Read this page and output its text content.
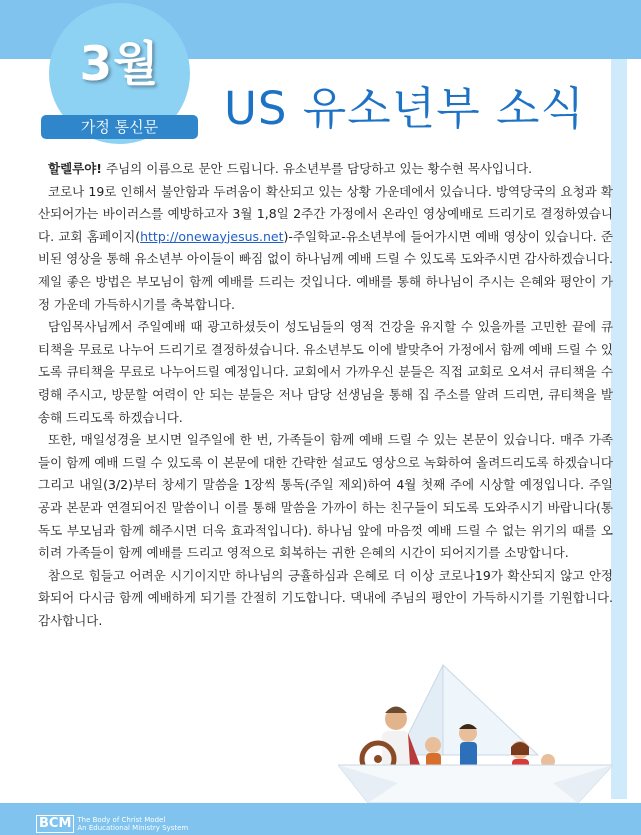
3월
가정 통신문	US 유소년부 소식

할렐루야! 주님의 이름으로 문안 드립니다. 유소년부를 담당하고 있는 황수현 목사입니다.

코로나 19로 인해서 불안함과 두려움이 확산되고 있는 상황 가운데에서 있습니다. 방역당국의 요청과 확산되어가는 바이러스를 예방하고자 3월 1,8일 2주간 가정에서 온라인 영상예배로 드리기로 결정하였습니다. 교회 홈페이지(http://onewayjesus.net)-주일학교-유소년부에 들어가시면 예배 영상이 있습니다. 준비된 영상을 통해 유소년부 아이들이 빠짐 없이 하나님께 예배 드릴 수 있도록 도와주시면 감사하겠습니다. 제일 좋은 방법은 부모님이 함께 예배를 드리는 것입니다. 예배를 통해 하나님이 주시는 은혜와 평안이 가정 가운데 가득하시기를 축복합니다.

담임목사님께서 주일예배 때 광고하셨듯이 성도님들의 영적 건강을 유지할 수 있을까를 고민한 끝에 큐티책을 무료로 나누어 드리기로 결정하셨습니다. 유소년부도 이에 발맞추어 가정에서 함께 예배 드릴 수 있도록 큐티책을 무료로 나누어드릴 예정입니다. 교회에서 가까우신 분들은 직접 교회로 오셔서 큐티책을 수령해 주시고, 방문할 여력이 안 되는 분들은 저나 담당 선생님을 통해 집 주소를 알려 드리면, 큐티책을 발송해 드리도록 하겠습니다.

또한, 매일성경을 보시면 일주일에 한 번, 가족들이 함께 예배 드릴 수 있는 본문이 있습니다. 매주 가족들이 함께 예배 드릴 수 있도록 이 본문에 대한 간략한 설교도 영상으로 녹화하여 올려드리도록 하겠습니다그리고 내일(3/2)부터 창세기 말씀을 1장씩 통독(주일 제외)하여 4월 첫째 주에 시상할 예정입니다. 주일 공과 본문과 연결되어진 말씀이니 이를 통해 말씀을 가까이 하는 친구들이 되도록 도와주시기 바랍니다(통독도 부모님과 함께 해주시면 더욱 효과적입니다). 하나님 앞에 마음껏 예배 드릴 수 없는 위기의 때를 오히려 가족들이 함께 예배를 드리고 영적으로 회복하는 귀한 은혜의 시간이 되어지기를 소망합니다.

참으로 힘들고 어려운 시기이지만 하나님의 긍휼하심과 은혜로 더 이상 코로나19가 확산되지 않고 안정화되어 다시금 함께 예배하게 되기를 간절히 기도합니다. 댁내에 주님의 평안이 가득하시기를 기원합니다. 감사합니다.

BCM The Body of Christ Model
An Educational Ministry System
